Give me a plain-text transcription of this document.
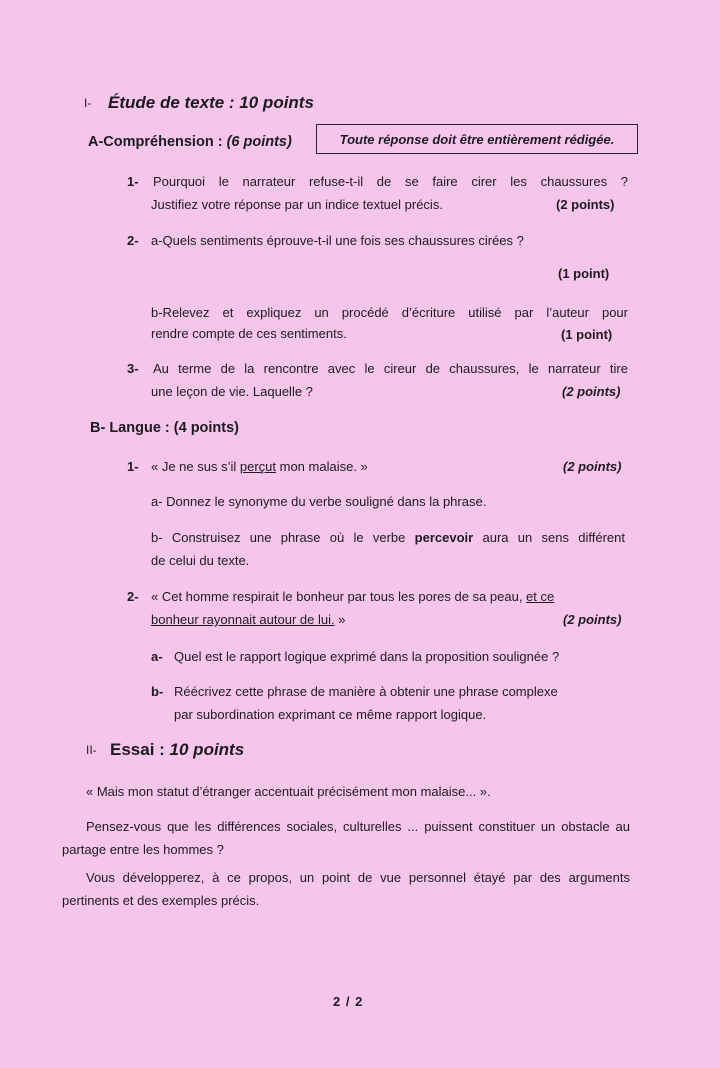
I- Étude de texte : 10 points
A-Compréhension : (6 points)	Toute réponse doit être entièrement rédigée.
1- Pourquoi le narrateur refuse-t-il de se faire cirer les chaussures ?
Justifiez votre réponse par un indice textuel précis.	(2 points)
2- a-Quels sentiments éprouve-t-il une fois ses chaussures cirées ?
(1 point)
b-Relevez et expliquez un procédé d’écriture utilisé par l’auteur pour
rendre compte de ces sentiments.	(1 point)
3- Au terme de la rencontre avec le cireur de chaussures, le narrateur tire
une leçon de vie. Laquelle ?	(2 points)
B- Langue : (4 points)
1- « Je ne sus s’il perçut mon malaise. »	(2 points)
a- Donnez le synonyme du verbe souligné dans la phrase.
b- Construisez une phrase où le verbe percevoir aura un sens différent
de celui du texte.
2- « Cet homme respirait le bonheur par tous les pores de sa peau, et ce
bonheur rayonnait autour de lui. »	(2 points)
a- Quel est le rapport logique exprimé dans la proposition soulignée ?
b- Réécrivez cette phrase de manière à obtenir une phrase complexe
par subordination exprimant ce même rapport logique.
II- Essai : 10 points
« Mais mon statut d’étranger accentuait précisément mon malaise... ».
Pensez-vous que les différences sociales, culturelles ... puissent constituer un obstacle au partage entre les hommes ?
Vous développerez, à ce propos, un point de vue personnel étayé par des arguments pertinents et des exemples précis.
2 / 2
